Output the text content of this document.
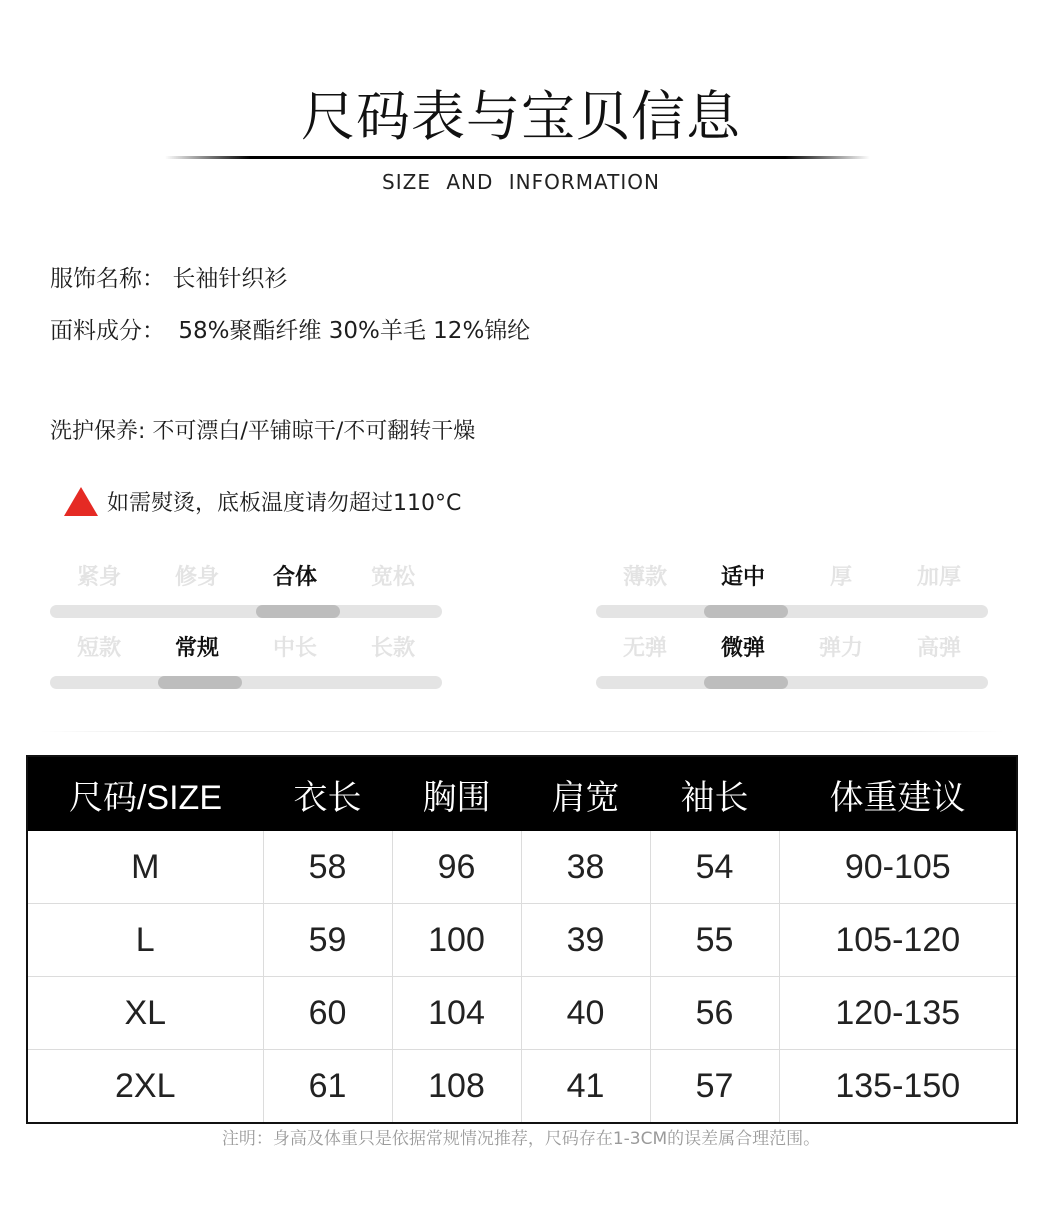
尺码表与宝贝信息
SIZE AND INFORMATION
服饰名称： 长袖针织衫
面料成分： 58%聚酯纤维 30%羊毛 12%锦纶
洗护保养: 不可漂白/平铺晾干/不可翻转干燥
如需熨烫，底板温度请勿超过110°C
紧身	修身	合体	宽松	薄款	适中	厚	加厚
短款	常规	中长	长款	无弹	微弹	弹力	高弹
尺码/SIZE	衣长	胸围	肩宽	袖长	体重建议
M	58	96	38	54	90-105
L	59	100	39	55	105-120
XL	60	104	40	56	120-135
2XL	61	108	41	57	135-150
注明：身高及体重只是依据常规情况推荐，尺码存在1-3CM的误差属合理范围。
